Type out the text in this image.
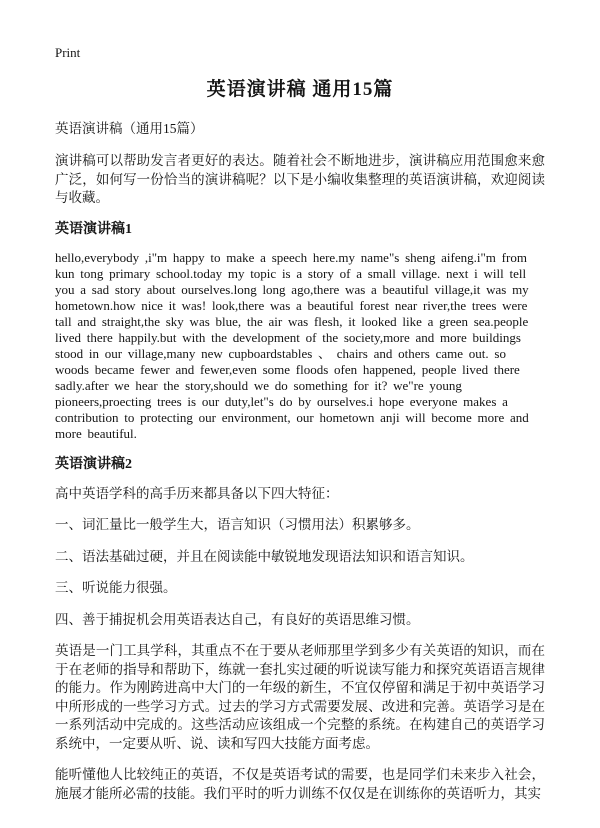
Print
英语演讲稿 通用15篇

英语演讲稿（通用15篇）

演讲稿可以帮助发言者更好的表达。随着社会不断地进步，演讲稿应用范围愈来愈广泛，如何写一份恰当的演讲稿呢？以下是小编收集整理的英语演讲稿，欢迎阅读与收藏。

英语演讲稿1

hello,everybody ,i"m happy to make a speech here.my name"s sheng aifeng.i"m from kun tong primary school.today my topic is a story of a small village. next i will tell you a sad story about ourselves.long long ago,there was a beautiful village,it was my hometown.how nice it was! look,there was a beautiful forest near river,the trees were tall and straight,the sky was blue, the air was flesh, it looked like a green sea.people lived there happily.but with the development of the society,more and more buildings stood in our village,many new cupboardstables 、 chairs and others came out. so woods became fewer and fewer,even some floods ofen happened, people lived there sadly.after we hear the story,should we do something for it? we"re young pioneers,proecting trees is our duty,let"s do by ourselves.i hope everyone makes a contribution to protecting our environment, our hometown anji will become more and more beautiful.

英语演讲稿2

高中英语学科的高手历来都具备以下四大特征：

一、词汇量比一般学生大，语言知识（习惯用法）积累够多。

二、语法基础过硬，并且在阅读能中敏锐地发现语法知识和语言知识。

三、听说能力很强。

四、善于捕捉机会用英语表达自己，有良好的英语思维习惯。

英语是一门工具学科，其重点不在于要从老师那里学到多少有关英语的知识，而在于在老师的指导和帮助下，练就一套扎实过硬的听说读写能力和探究英语语言规律的能力。作为刚跨进高中大门的一年级的新生，不宜仅停留和满足于初中英语学习中所形成的一些学习方式。过去的学习方式需要发展、改进和完善。英语学习是在一系列活动中完成的。这些活动应该组成一个完整的系统。在构建自己的英语学习系统中，一定要从听、说、读和写四大技能方面考虑。

能听懂他人比较纯正的英语，不仅是英语考试的需要，也是同学们未来步入社会，施展才能所必需的技能。我们平时的听力训练不仅仅是在训练你的英语听力，其实
